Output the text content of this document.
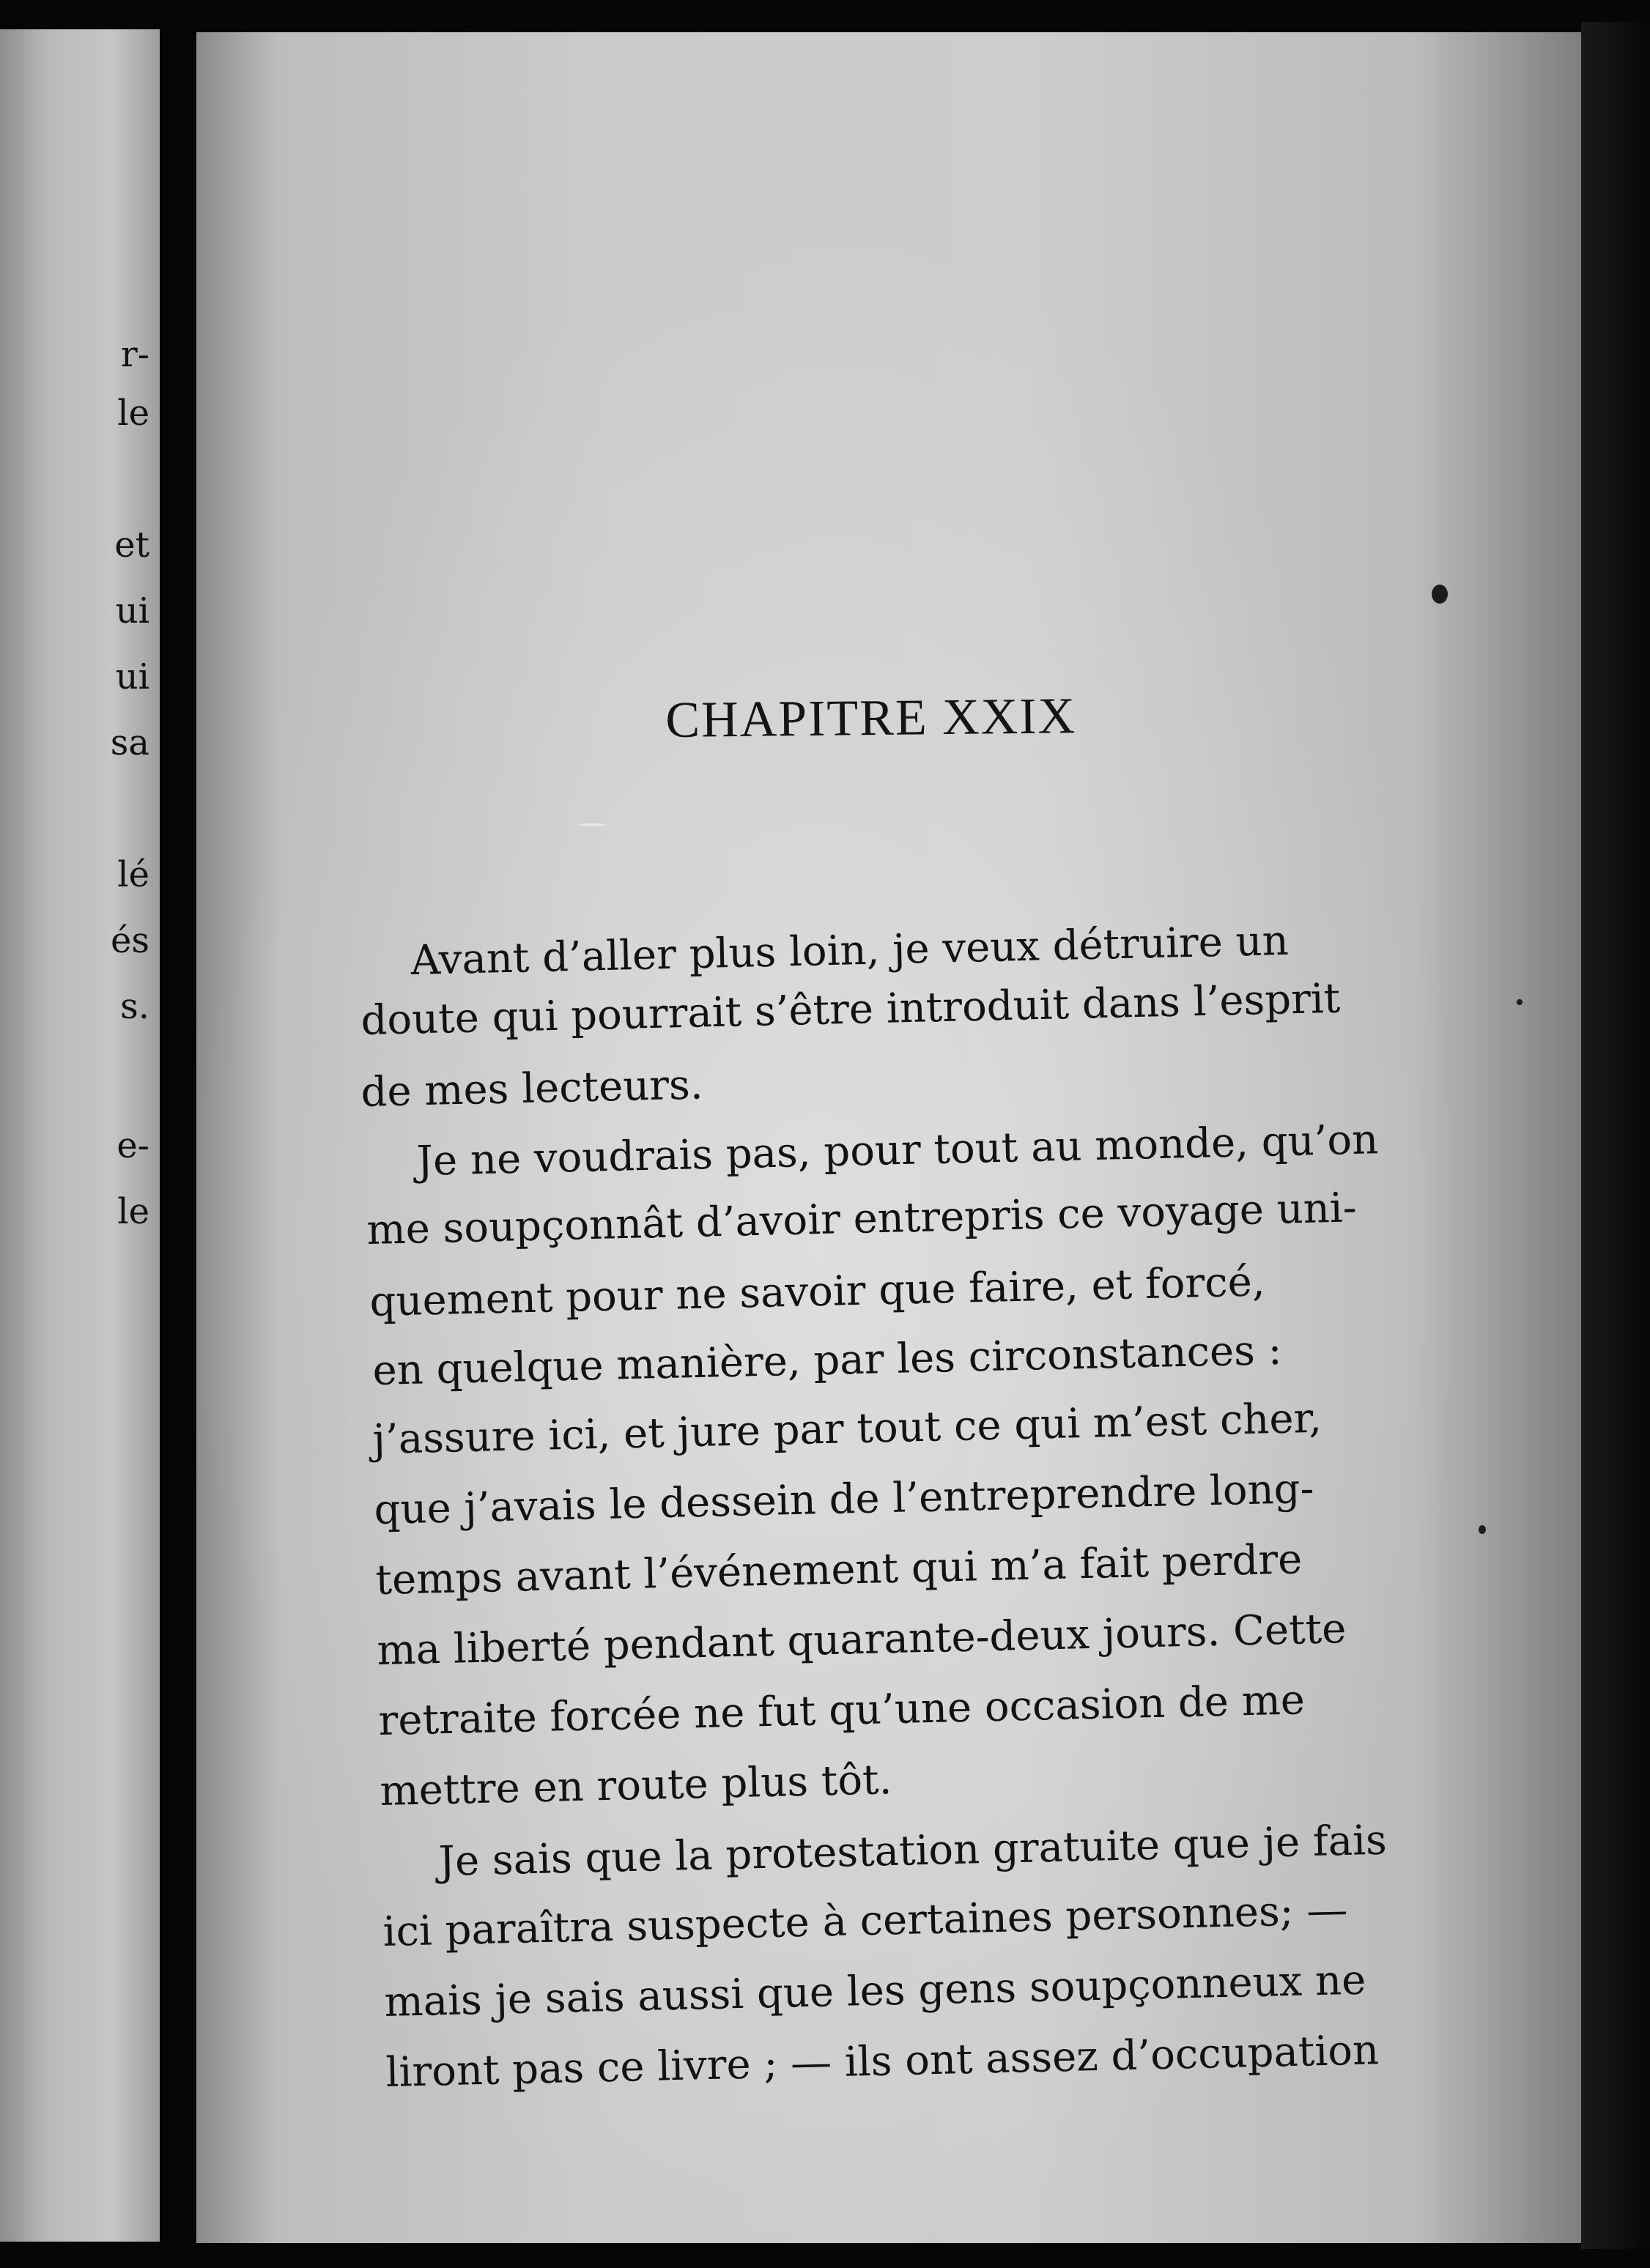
r-
le
et
ui
ui
sa
lé
és
s.
e-
le
CHAPITRE XXIX
Avant d’aller plus loin, je veux détruire un
doute qui pourrait s’être introduit dans l’esprit
de mes lecteurs.
Je ne voudrais pas, pour tout au monde, qu’on
me soupçonnât d’avoir entrepris ce voyage uni-
quement pour ne savoir que faire, et forcé,
en quelque manière, par les circonstances :
j’assure ici, et jure par tout ce qui m’est cher,
que j’avais le dessein de l’entreprendre long-
temps avant l’événement qui m’a fait perdre
ma liberté pendant quarante-deux jours. Cette
retraite forcée ne fut qu’une occasion de me
mettre en route plus tôt.
Je sais que la protestation gratuite que je fais
ici paraîtra suspecte à certaines personnes; —
mais je sais aussi que les gens soupçonneux ne
liront pas ce livre ; — ils ont assez d’occupation
